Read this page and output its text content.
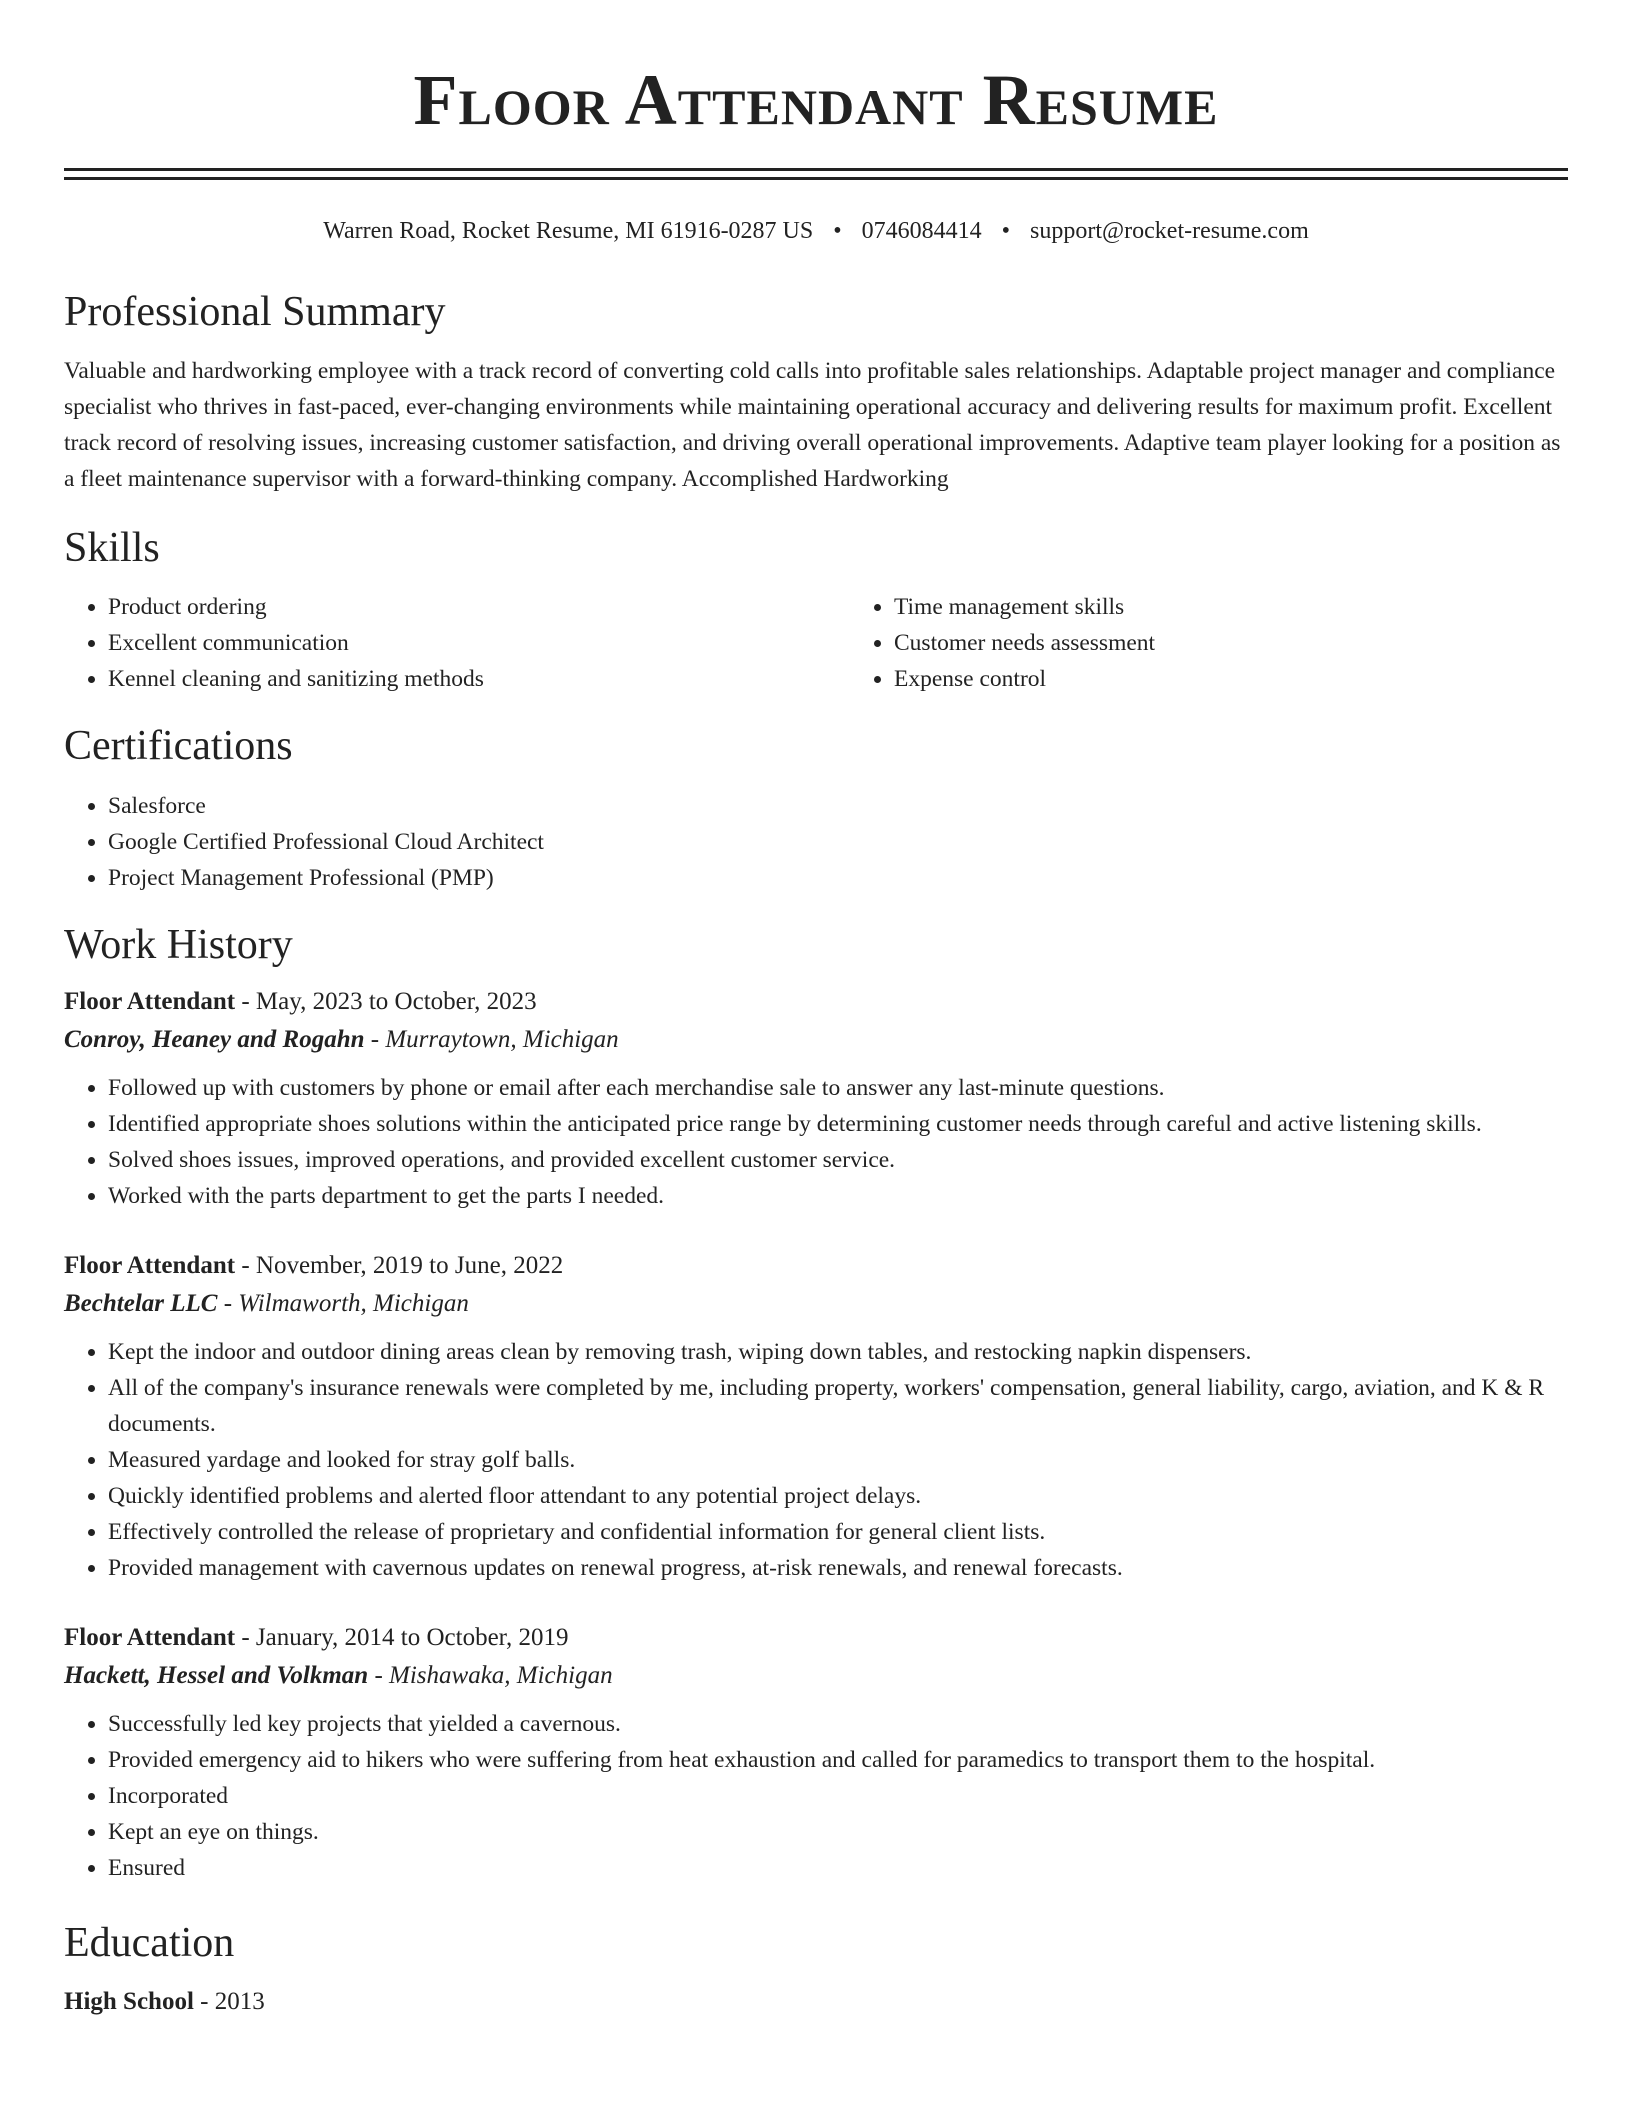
Floor Attendant Resume
Warren Road, Rocket Resume, MI 61916-0287 US • 0746084414 • support@rocket-resume.com
Professional Summary

Valuable and hardworking employee with a track record of converting cold calls into profitable sales relationships. Adaptable project manager and compliance specialist who thrives in fast-paced, ever-changing environments while maintaining operational accuracy and delivering results for maximum profit. Excellent track record of resolving issues, increasing customer satisfaction, and driving overall operational improvements. Adaptive team player looking for a position as a fleet maintenance supervisor with a forward-thinking company. Accomplished Hardworking

Skills
• Product ordering
• Excellent communication
• Kennel cleaning and sanitizing methods
• Time management skills
• Customer needs assessment
• Expense control
Certifications
• Salesforce
• Google Certified Professional Cloud Architect
• Project Management Professional (PMP)
Work History
Floor Attendant - May, 2023 to October, 2023
Conroy, Heaney and Rogahn - Murraytown, Michigan
• Followed up with customers by phone or email after each merchandise sale to answer any last-minute questions.
• Identified appropriate shoes solutions within the anticipated price range by determining customer needs through careful and active listening skills.
• Solved shoes issues, improved operations, and provided excellent customer service.
• Worked with the parts department to get the parts I needed.
Floor Attendant - November, 2019 to June, 2022
Bechtelar LLC - Wilmaworth, Michigan
• Kept the indoor and outdoor dining areas clean by removing trash, wiping down tables, and restocking napkin dispensers.
• All of the company's insurance renewals were completed by me, including property, workers' compensation, general liability, cargo, aviation, and K & R documents.
• Measured yardage and looked for stray golf balls.
• Quickly identified problems and alerted floor attendant to any potential project delays.
• Effectively controlled the release of proprietary and confidential information for general client lists.
• Provided management with cavernous updates on renewal progress, at-risk renewals, and renewal forecasts.
Floor Attendant - January, 2014 to October, 2019
Hackett, Hessel and Volkman - Mishawaka, Michigan
• Successfully led key projects that yielded a cavernous.
• Provided emergency aid to hikers who were suffering from heat exhaustion and called for paramedics to transport them to the hospital.
• Incorporated
• Kept an eye on things.
• Ensured
Education
High School - 2013
